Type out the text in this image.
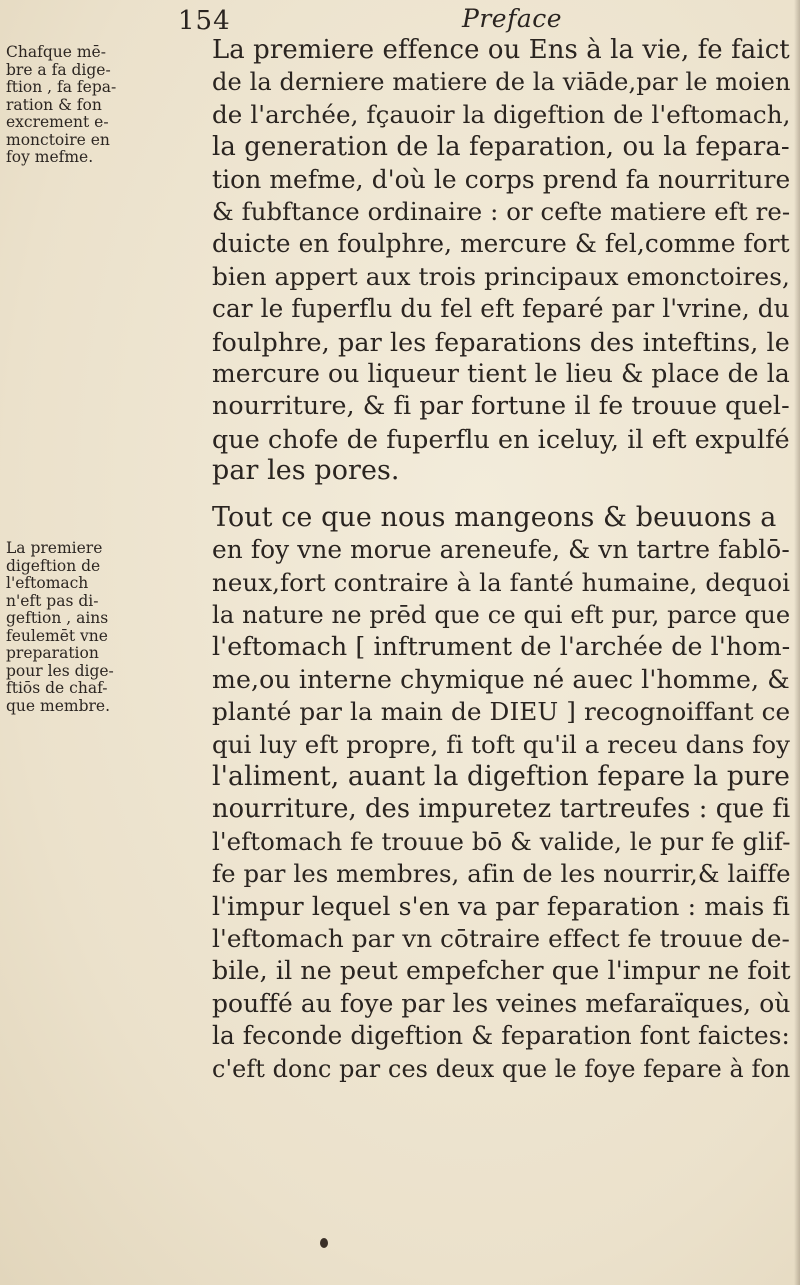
154	Preface
Chafque mē-
bre a fa dige-
ftion , fa fepa-
ration & fon
excrement e-
monctoire en
foy mefme.
La premiere
digeftion de
l'eftomach
n'eft pas di-
geftion , ains
feulemēt vne
preparation
pour les dige-
ftiōs de chaf-
que membre.
La premiere effence ou Ens à la vie, fe faict
de la derniere matiere de la viāde,par le moien
de l'archée, fçauoir la digeftion de l'eftomach,
la generation de la feparation, ou la fepara-
tion mefme, d'où le corps prend fa nourriture
& fubftance ordinaire : or cefte matiere eft re-
duicte en foulphre, mercure & fel,comme fort
bien appert aux trois principaux emonctoires,
car le fuperflu du fel eft feparé par l'vrine, du
foulphre, par les feparations des inteftins, le
mercure ou liqueur tient le lieu & place de la
nourriture, & fi par fortune il fe trouue quel-
que chofe de fuperflu en iceluy, il eft expulfé
par les pores.
Tout ce que nous mangeons & beuuons a
en foy vne morue areneufe, & vn tartre fablō-
neux,fort contraire à la fanté humaine, dequoi
la nature ne prēd que ce qui eft pur, parce que
l'eftomach [ inftrument de l'archée de l'hom-
me,ou interne chymique né auec l'homme, &
planté par la main de DIEU ] recognoiffant ce
qui luy eft propre, fi toft qu'il a receu dans foy
l'aliment, auant la digeftion fepare la pure
nourriture, des impuretez tartreufes : que fi
l'eftomach fe trouue bō & valide, le pur fe glif-
fe par les membres, afin de les nourrir,& laiffe
l'impur lequel s'en va par feparation : mais fi
l'eftomach par vn cōtraire effect fe trouue de-
bile, il ne peut empefcher que l'impur ne foit
pouffé au foye par les veines mefaraïques, où
la feconde digeftion & feparation font faictes:
c'eft donc par ces deux que le foye fepare à fon
